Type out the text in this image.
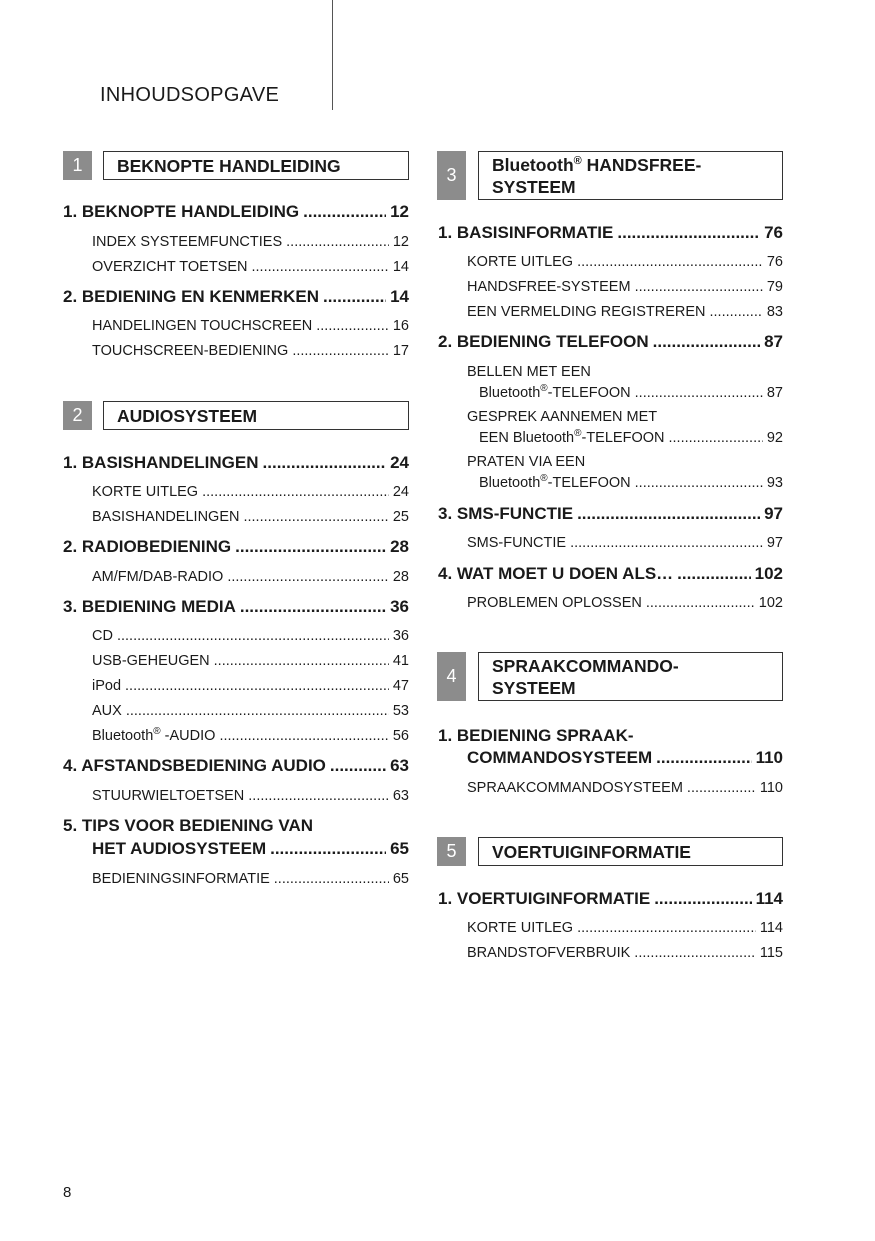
INHOUDSOPGAVE
1	BEKNOPTE HANDLEIDING
1. BEKNOPTE HANDLEIDING .....	12
INDEX SYSTEEMFUNCTIES .....	12
OVERZICHT TOETSEN .....	14
2. BEDIENING EN KENMERKEN .....	14
HANDELINGEN TOUCHSCREEN .....	16
TOUCHSCREEN-BEDIENING .....	17
2	AUDIOSYSTEEM
1. BASISHANDELINGEN .....	24
KORTE UITLEG .....	24
BASISHANDELINGEN .....	25
2. RADIOBEDIENING .....	28
AM/FM/DAB-RADIO .....	28
3. BEDIENING MEDIA .....	36
CD .....	36
USB-GEHEUGEN .....	41
iPod .....	47
AUX .....	53
Bluetooth® -AUDIO .....	56
4. AFSTANDSBEDIENING AUDIO .....	63
STUURWIELTOETSEN .....	63
5. TIPS VOOR BEDIENING VAN
HET AUDIOSYSTEEM .....	65
BEDIENINGSINFORMATIE .....	65
3
Bluetooth® HANDSFREE-
SYSTEEM
1. BASISINFORMATIE .....	76
KORTE UITLEG .....	76
HANDSFREE-SYSTEEM .....	79
EEN VERMELDING REGISTREREN .....	83
2. BEDIENING TELEFOON .....	87
BELLEN MET EEN
Bluetooth®-TELEFOON .....	87
GESPREK AANNEMEN MET
EEN Bluetooth®-TELEFOON .....	92
PRATEN VIA EEN
Bluetooth®-TELEFOON .....	93
3. SMS-FUNCTIE .....	97
SMS-FUNCTIE .....	97
4. WAT MOET U DOEN ALS… .....	102
PROBLEMEN OPLOSSEN .....	102
4
SPRAAKCOMMANDO-
SYSTEEM
1. BEDIENING SPRAAK-
COMMANDOSYSTEEM .....	110
SPRAAKCOMMANDOSYSTEEM .....	110
5	VOERTUIGINFORMATIE
1. VOERTUIGINFORMATIE .....	114
KORTE UITLEG .....	114
BRANDSTOFVERBRUIK .....	115
8
